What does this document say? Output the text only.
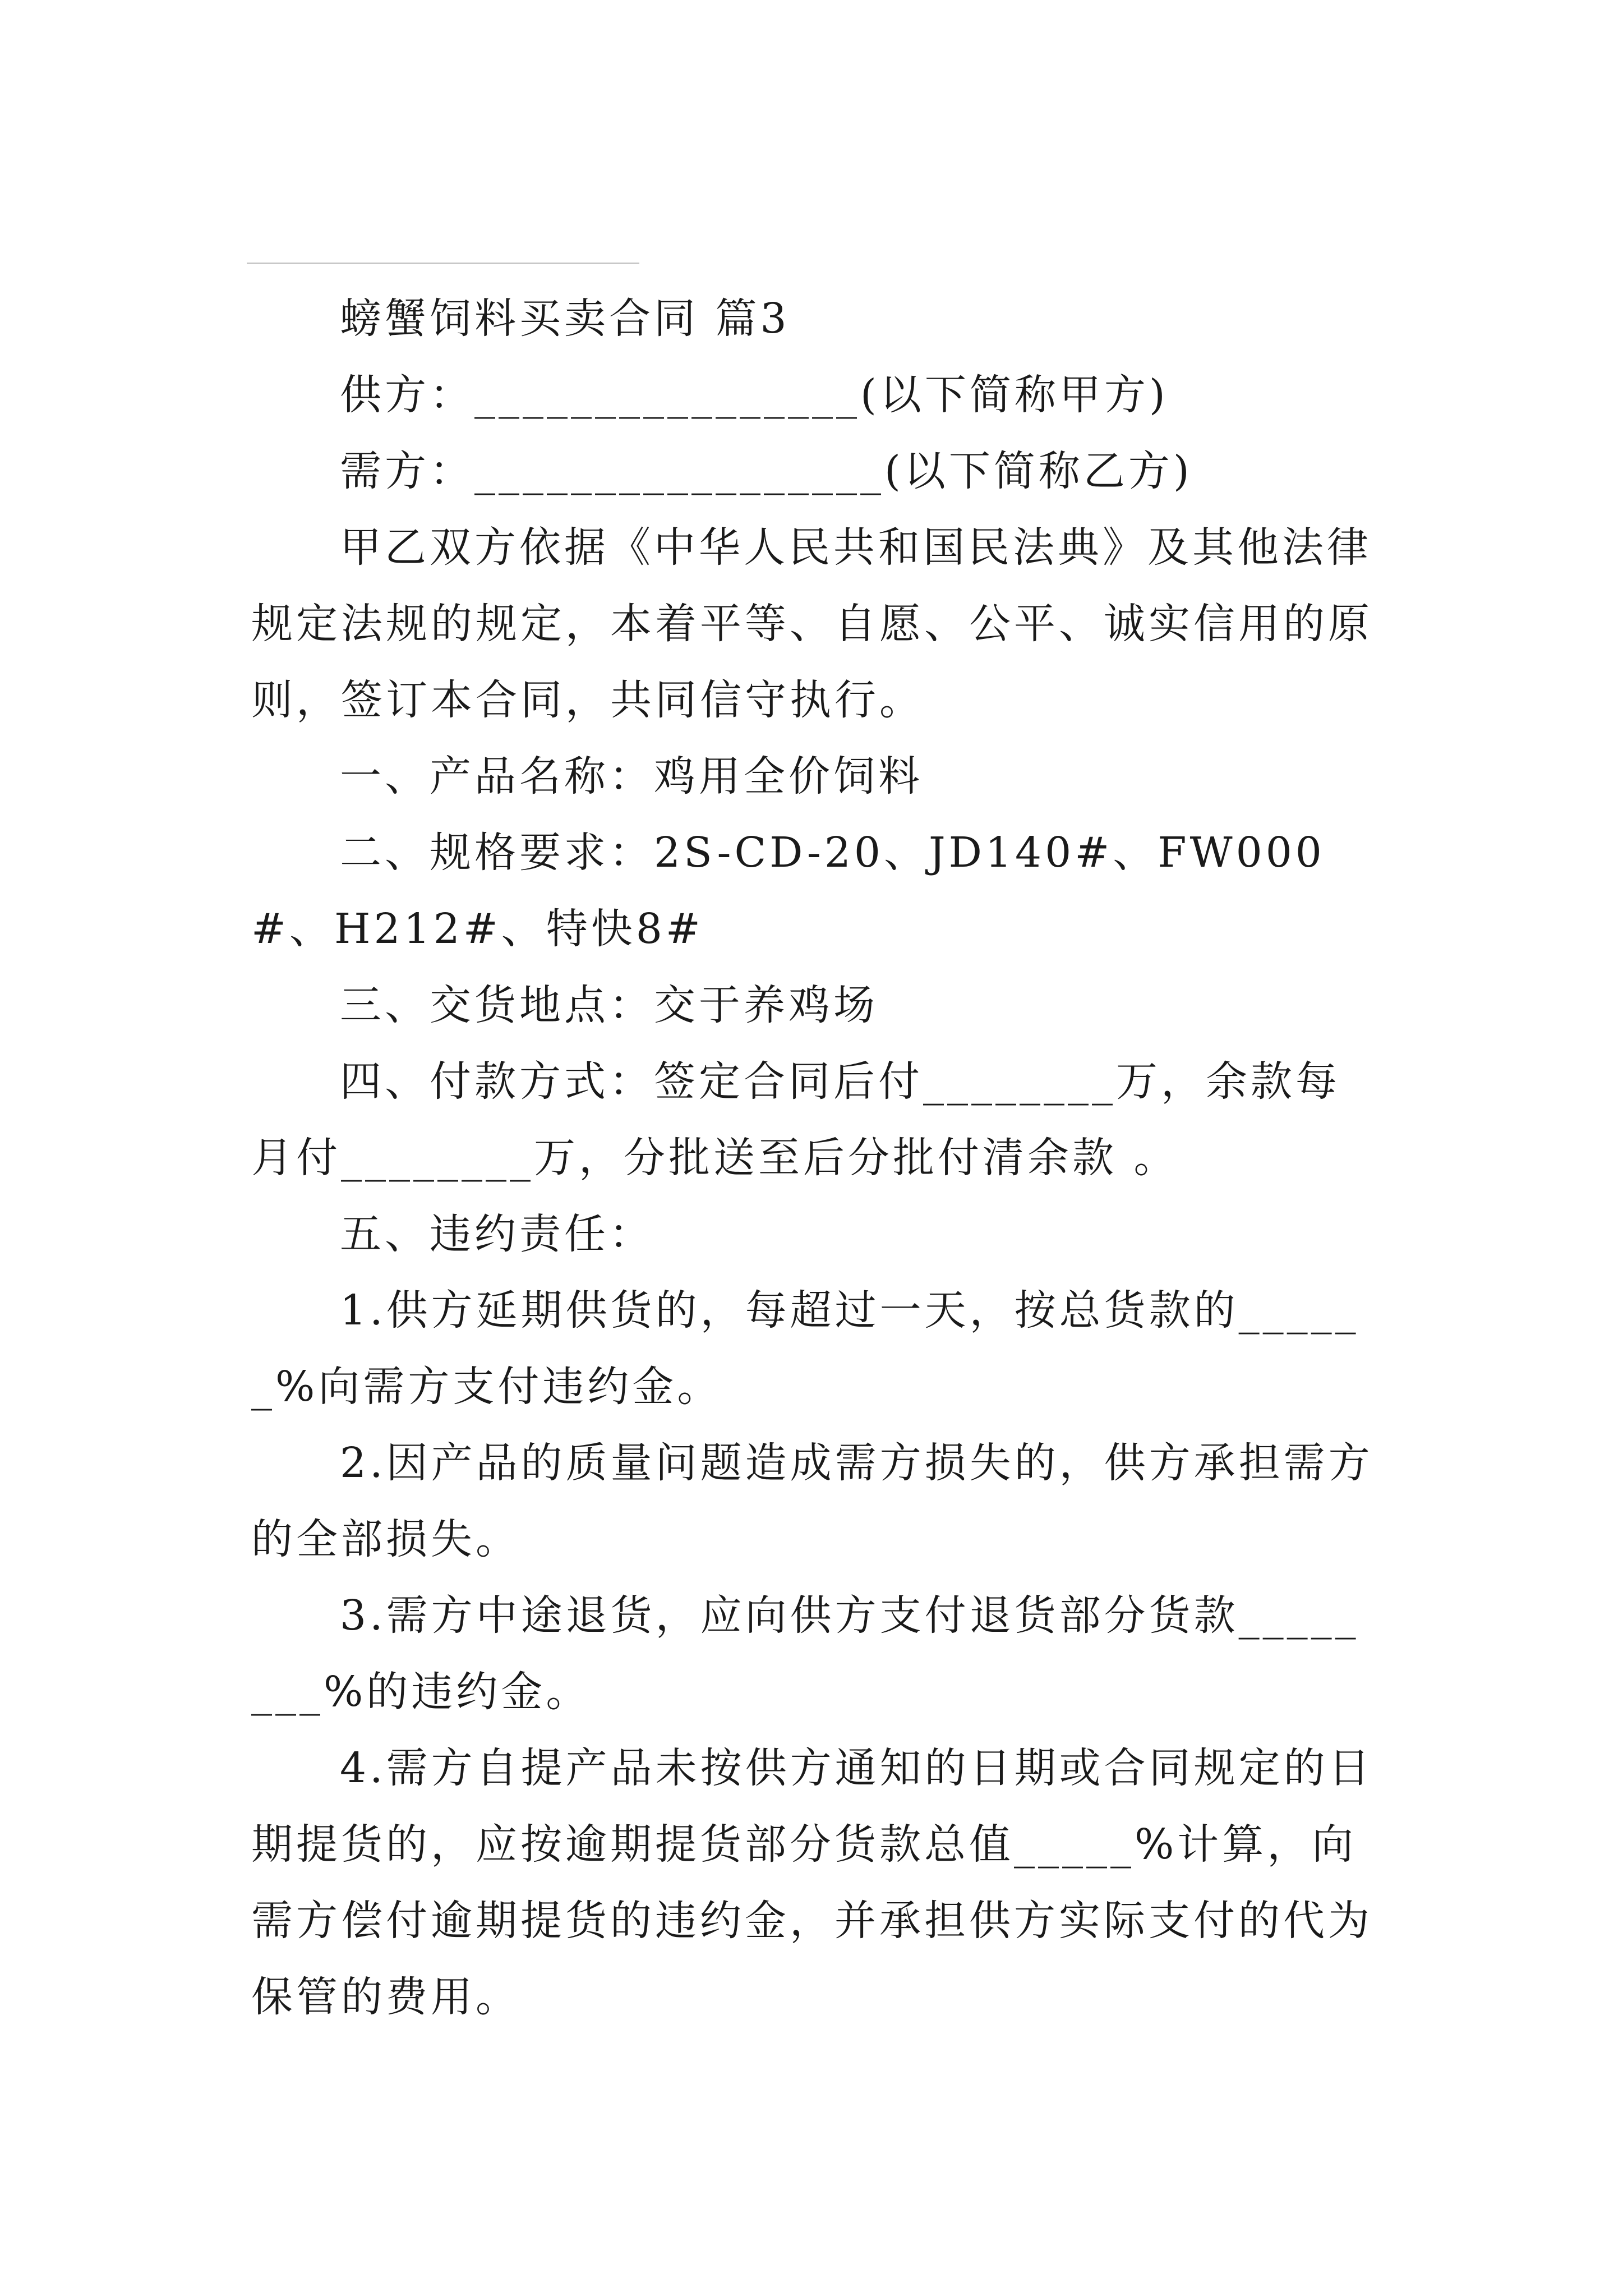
螃蟹饲料买卖合同 篇3

供方：________________(以下简称甲方)

需方：_________________(以下简称乙方)

甲乙双方依据《中华人民共和国民法典》及其他法律规定法规的规定，本着平等、自愿、公平、诚实信用的原则，签订本合同，共同信守执行。

一、产品名称：鸡用全价饲料

二、规格要求：2S-CD-20、JD140#、FW000#、H212#、特快8#

三、交货地点：交于养鸡场

四、付款方式：签定合同后付________万，余款每月付________万，分批送至后分批付清余款 。

五、违约责任：

1.供方延期供货的，每超过一天，按总货款的______%向需方支付违约金。

2.因产品的质量问题造成需方损失的，供方承担需方的全部损失。

3.需方中途退货，应向供方支付退货部分货款________%的违约金。

4.需方自提产品未按供方通知的日期或合同规定的日期提货的，应按逾期提货部分货款总值_____%计算，向需方偿付逾期提货的违约金，并承担供方实际支付的代为保管的费用。
